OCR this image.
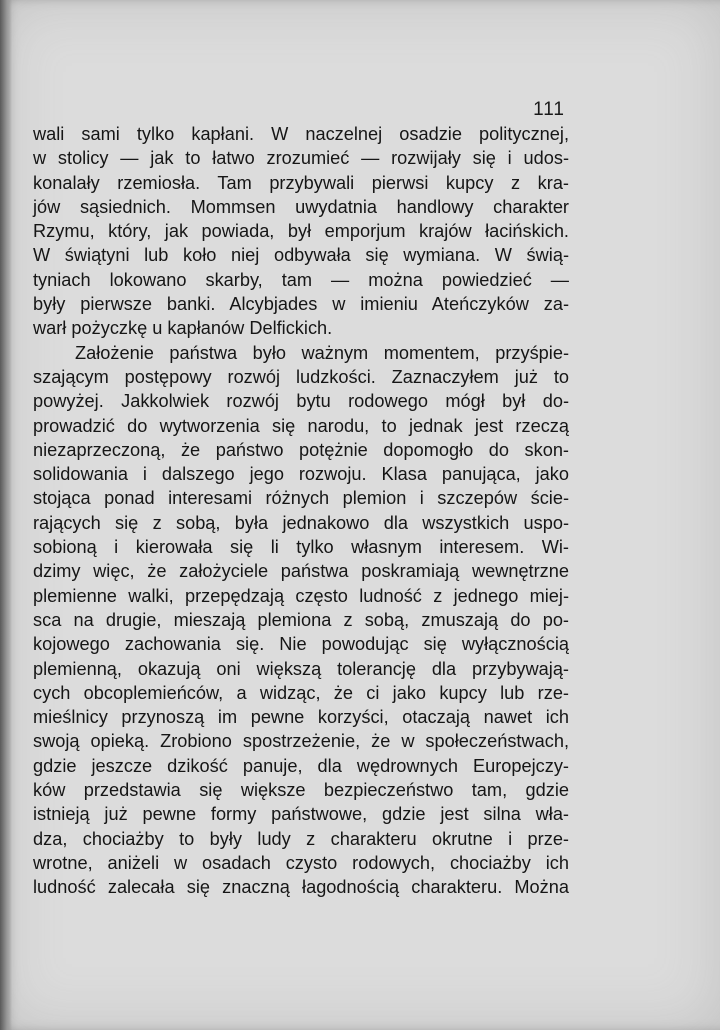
111
wali sami tylko kapłani. W naczelnej osadzie politycznej,
w stolicy — jak to łatwo zrozumieć — rozwijały się i udos-
konalały rzemiosła. Tam przybywali pierwsi kupcy z kra-
jów sąsiednich. Mommsen uwydatnia handlowy charakter
Rzymu, który, jak powiada, był emporjum krajów łacińskich.
W świątyni lub koło niej odbywała się wymiana. W świą-
tyniach lokowano skarby, tam — można powiedzieć —
były pierwsze banki. Alcybjades w imieniu Ateńczyków za-
warł pożyczkę u kapłanów Delfickich.
Założenie państwa było ważnym momentem, przyśpie-
szającym postępowy rozwój ludzkości. Zaznaczyłem już to
powyżej. Jakkolwiek rozwój bytu rodowego mógł był do-
prowadzić do wytworzenia się narodu, to jednak jest rzeczą
niezaprzeczoną, że państwo potężnie dopomogło do skon-
solidowania i dalszego jego rozwoju. Klasa panująca, jako
stojąca ponad interesami różnych plemion i szczepów ście-
rających się z sobą, była jednakowo dla wszystkich uspo-
sobioną i kierowała się li tylko własnym interesem. Wi-
dzimy więc, że założyciele państwa poskramiają wewnętrzne
plemienne walki, przepędzają często ludność z jednego miej-
sca na drugie, mieszają plemiona z sobą, zmuszają do po-
kojowego zachowania się. Nie powodując się wyłącznością
plemienną, okazują oni większą tolerancję dla przybywają-
cych obcoplemieńców, a widząc, że ci jako kupcy lub rze-
mieślnicy przynoszą im pewne korzyści, otaczają nawet ich
swoją opieką. Zrobiono spostrzeżenie, że w społeczeństwach,
gdzie jeszcze dzikość panuje, dla wędrownych Europejczy-
ków przedstawia się większe bezpieczeństwo tam, gdzie
istnieją już pewne formy państwowe, gdzie jest silna wła-
dza, chociażby to były ludy z charakteru okrutne i prze-
wrotne, aniżeli w osadach czysto rodowych, chociażby ich
ludność zalecała się znaczną łagodnością charakteru. Można
